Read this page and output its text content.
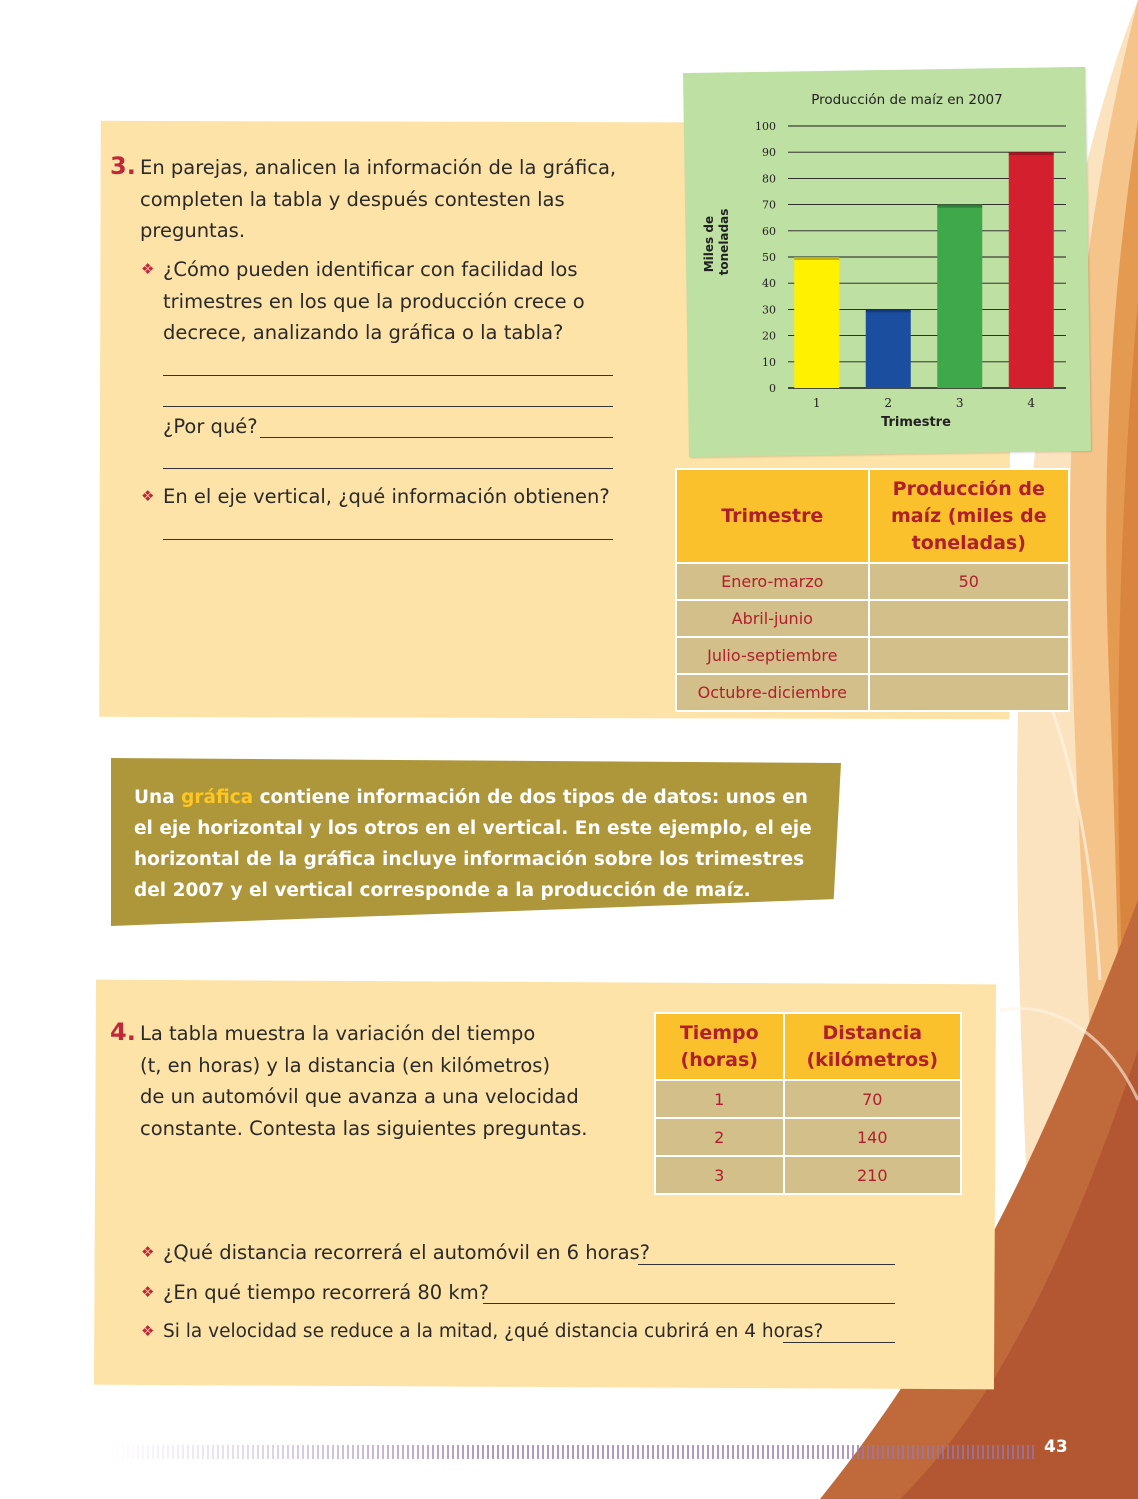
3. En parejas, analicen la información de la gráfica,
completen la tabla y después contesten las
preguntas.
❖ ¿Cómo pueden identificar con facilidad los
trimestres en los que la producción crece o
decrece, analizando la gráfica o la tabla?
¿Por qué?
❖ En el eje vertical, ¿qué información obtienen?
Producción de maíz en 2007
0
10
20
30
40
50
60
70
80
90
100
1	2	3	4
Miles de toneladas
Trimestre
Trimestre	Producción de maíz (miles de toneladas)
Enero-marzo	50
Abril-junio	
Julio-septiembre	
Octubre-diciembre	
Una gráfica contiene información de dos tipos de datos: unos en el eje horizontal y los otros en el vertical. En este ejemplo, el eje horizontal de la gráfica incluye información sobre los trimestres del 2007 y el vertical corresponde a la producción de maíz.
4. La tabla muestra la variación del tiempo
(t, en horas) y la distancia (en kilómetros)
de un automóvil que avanza a una velocidad
constante. Contesta las siguientes preguntas.
Tiempo (horas)	Distancia (kilómetros)
1	70
2	140
3	210
❖ ¿Qué distancia recorrerá el automóvil en 6 horas?
❖ ¿En qué tiempo recorrerá 80 km?
❖ Si la velocidad se reduce a la mitad, ¿qué distancia cubrirá en 4 horas?
43
